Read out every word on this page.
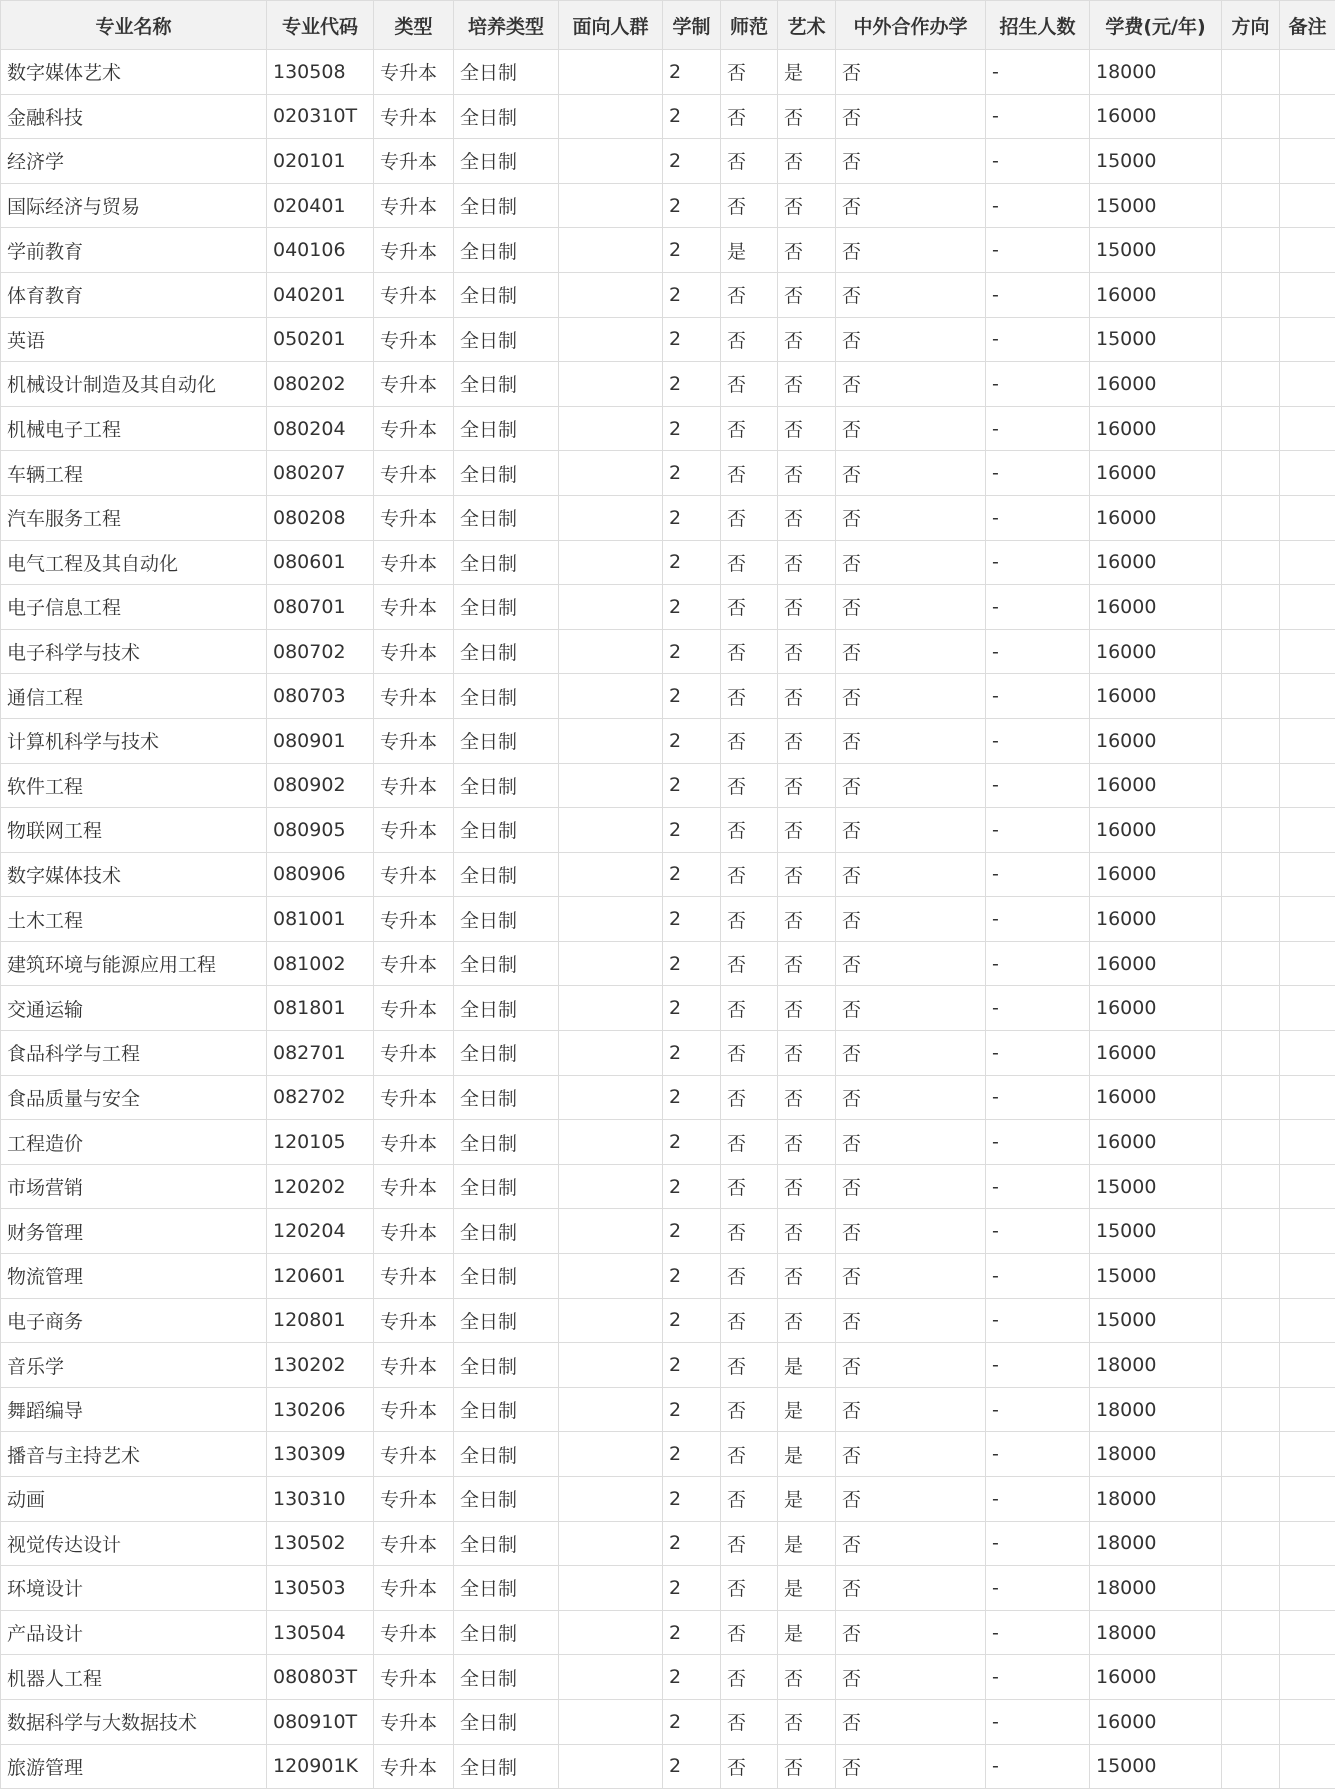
专业名称	专业代码	类型	培养类型	面向人群	学制	师范	艺术	中外合作办学	招生人数	学费(元/年)	方向	备注
数字媒体艺术	130508	专升本	全日制		2	否	是	否	-	18000		
金融科技	020310T	专升本	全日制		2	否	否	否	-	16000		
经济学	020101	专升本	全日制		2	否	否	否	-	15000		
国际经济与贸易	020401	专升本	全日制		2	否	否	否	-	15000		
学前教育	040106	专升本	全日制		2	是	否	否	-	15000		
体育教育	040201	专升本	全日制		2	否	否	否	-	16000		
英语	050201	专升本	全日制		2	否	否	否	-	15000		
机械设计制造及其自动化	080202	专升本	全日制		2	否	否	否	-	16000		
机械电子工程	080204	专升本	全日制		2	否	否	否	-	16000		
车辆工程	080207	专升本	全日制		2	否	否	否	-	16000		
汽车服务工程	080208	专升本	全日制		2	否	否	否	-	16000		
电气工程及其自动化	080601	专升本	全日制		2	否	否	否	-	16000		
电子信息工程	080701	专升本	全日制		2	否	否	否	-	16000		
电子科学与技术	080702	专升本	全日制		2	否	否	否	-	16000		
通信工程	080703	专升本	全日制		2	否	否	否	-	16000		
计算机科学与技术	080901	专升本	全日制		2	否	否	否	-	16000		
软件工程	080902	专升本	全日制		2	否	否	否	-	16000		
物联网工程	080905	专升本	全日制		2	否	否	否	-	16000		
数字媒体技术	080906	专升本	全日制		2	否	否	否	-	16000		
土木工程	081001	专升本	全日制		2	否	否	否	-	16000		
建筑环境与能源应用工程	081002	专升本	全日制		2	否	否	否	-	16000		
交通运输	081801	专升本	全日制		2	否	否	否	-	16000		
食品科学与工程	082701	专升本	全日制		2	否	否	否	-	16000		
食品质量与安全	082702	专升本	全日制		2	否	否	否	-	16000		
工程造价	120105	专升本	全日制		2	否	否	否	-	16000		
市场营销	120202	专升本	全日制		2	否	否	否	-	15000		
财务管理	120204	专升本	全日制		2	否	否	否	-	15000		
物流管理	120601	专升本	全日制		2	否	否	否	-	15000		
电子商务	120801	专升本	全日制		2	否	否	否	-	15000		
音乐学	130202	专升本	全日制		2	否	是	否	-	18000		
舞蹈编导	130206	专升本	全日制		2	否	是	否	-	18000		
播音与主持艺术	130309	专升本	全日制		2	否	是	否	-	18000		
动画	130310	专升本	全日制		2	否	是	否	-	18000		
视觉传达设计	130502	专升本	全日制		2	否	是	否	-	18000		
环境设计	130503	专升本	全日制		2	否	是	否	-	18000		
产品设计	130504	专升本	全日制		2	否	是	否	-	18000		
机器人工程	080803T	专升本	全日制		2	否	否	否	-	16000		
数据科学与大数据技术	080910T	专升本	全日制		2	否	否	否	-	16000		
旅游管理	120901K	专升本	全日制		2	否	否	否	-	15000		
